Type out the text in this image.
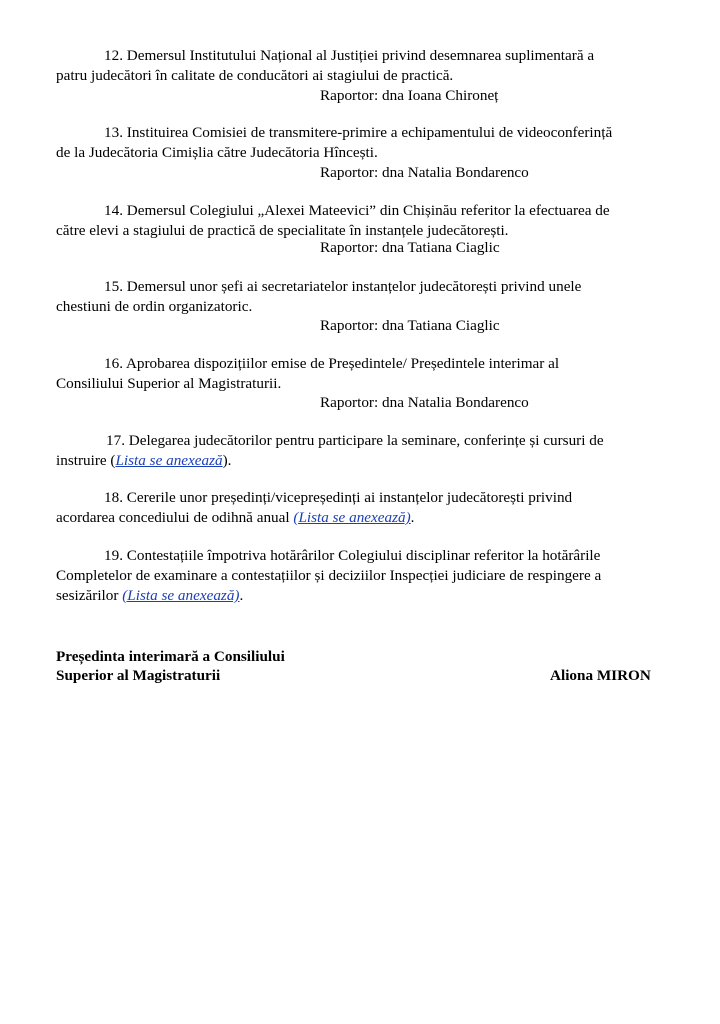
12. Demersul Institutului Național al Justiției privind desemnarea suplimentară a

patru judecători în calitate de conducători ai stagiului de practică.

Raportor: dna Ioana Chironeț

13. Instituirea Comisiei de transmitere-primire a echipamentului de videoconferință

de la Judecătoria Cimișlia către Judecătoria Hîncești.

Raportor: dna Natalia Bondarenco

14. Demersul Colegiului „Alexei Mateevici” din Chișinău referitor la efectuarea de

către elevi a stagiului de practică de specialitate în instanțele judecătorești.

Raportor: dna Tatiana Ciaglic

15. Demersul unor șefi ai secretariatelor instanțelor judecătorești privind unele

chestiuni de ordin organizatoric.

Raportor: dna Tatiana Ciaglic

16. Aprobarea dispozițiilor emise de Președintele/ Președintele interimar al

Consiliului Superior al Magistraturii.

Raportor: dna Natalia Bondarenco

17. Delegarea judecătorilor pentru participare la seminare, conferințe și cursuri de

instruire (Lista se anexează).

18. Cererile unor președinți/vicepreședinți ai instanțelor judecătorești privind

acordarea concediului de odihnă anual (Lista se anexează).

19. Contestațiile împotriva hotărârilor Colegiului disciplinar referitor la hotărârile

Completelor de examinare a contestațiilor și deciziilor Inspecției judiciare de respingere a

sesizărilor (Lista se anexează).

Președinta interimară a Consiliului

Superior al Magistraturii	Aliona MIRON
